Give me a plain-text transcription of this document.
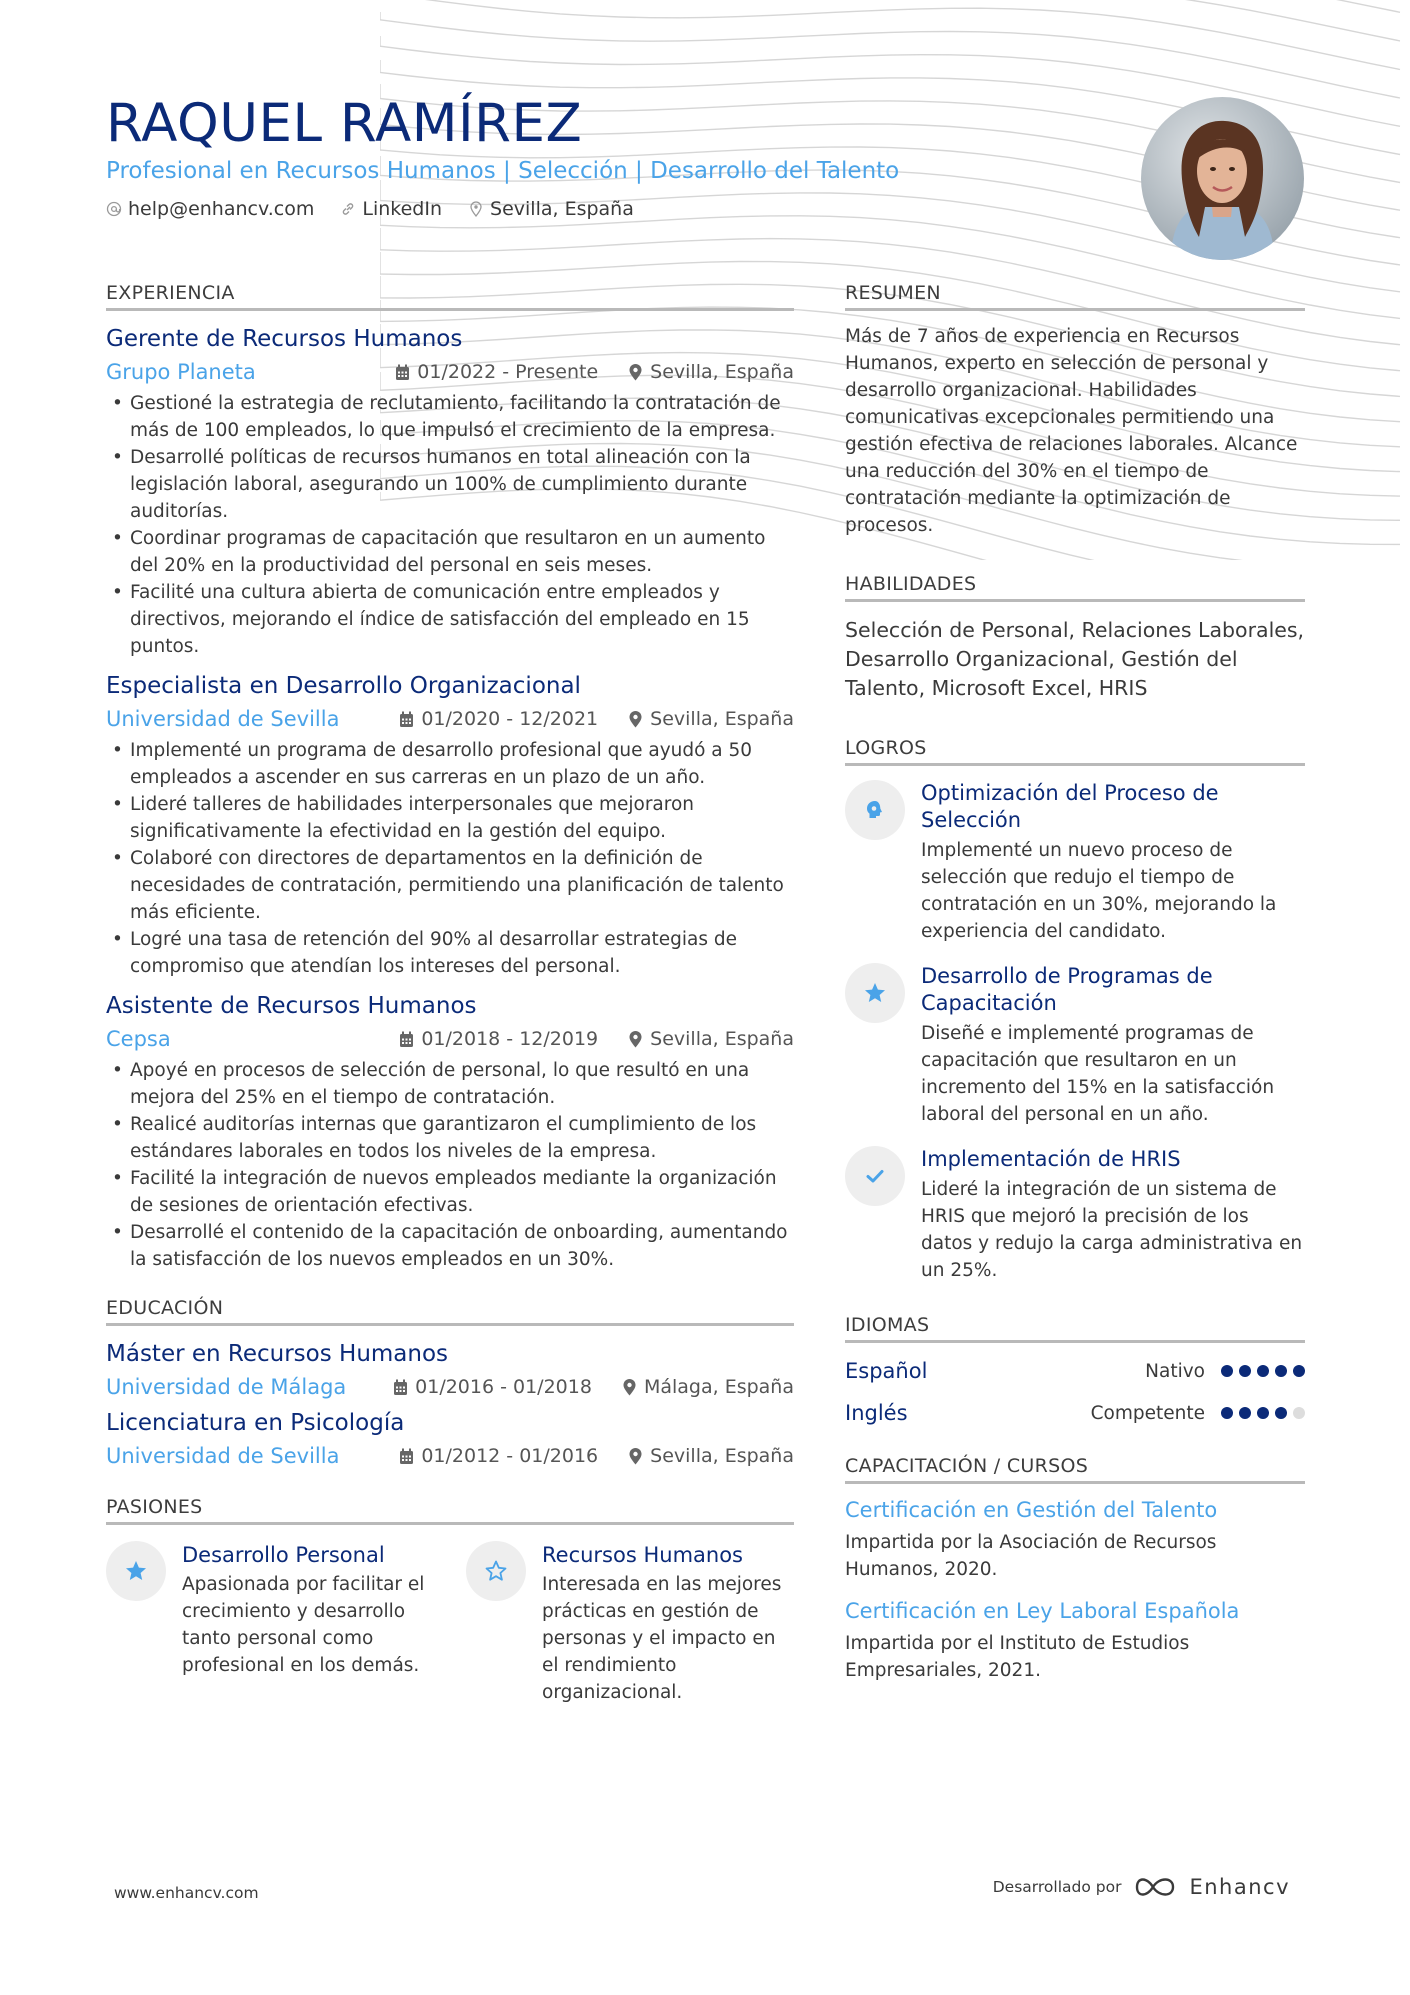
RAQUEL RAMÍREZ
Profesional en Recursos Humanos | Selección | Desarrollo del Talento
help@enhancv.com	LinkedIn	Sevilla, España
EXPERIENCIA
Gerente de Recursos Humanos
Grupo Planeta	01/2022 - Presente	Sevilla, España
• Gestioné la estrategia de reclutamiento, facilitando la contratación de más de 100 empleados, lo que impulsó el crecimiento de la empresa.
• Desarrollé políticas de recursos humanos en total alineación con la legislación laboral, asegurando un 100% de cumplimiento durante auditorías.
• Coordinar programas de capacitación que resultaron en un aumento del 20% en la productividad del personal en seis meses.
• Facilité una cultura abierta de comunicación entre empleados y directivos, mejorando el índice de satisfacción del empleado en 15 puntos.
Especialista en Desarrollo Organizacional
Universidad de Sevilla	01/2020 - 12/2021	Sevilla, España
• Implementé un programa de desarrollo profesional que ayudó a 50 empleados a ascender en sus carreras en un plazo de un año.
• Lideré talleres de habilidades interpersonales que mejoraron significativamente la efectividad en la gestión del equipo.
• Colaboré con directores de departamentos en la definición de necesidades de contratación, permitiendo una planificación de talento más eficiente.
• Logré una tasa de retención del 90% al desarrollar estrategias de compromiso que atendían los intereses del personal.
Asistente de Recursos Humanos
Cepsa	01/2018 - 12/2019	Sevilla, España
• Apoyé en procesos de selección de personal, lo que resultó en una mejora del 25% en el tiempo de contratación.
• Realicé auditorías internas que garantizaron el cumplimiento de los estándares laborales en todos los niveles de la empresa.
• Facilité la integración de nuevos empleados mediante la organización de sesiones de orientación efectivas.
• Desarrollé el contenido de la capacitación de onboarding, aumentando la satisfacción de los nuevos empleados en un 30%.
EDUCACIÓN
Máster en Recursos Humanos
Universidad de Málaga	01/2016 - 01/2018	Málaga, España
Licenciatura en Psicología
Universidad de Sevilla	01/2012 - 01/2016	Sevilla, España
PASIONES
Desarrollo Personal
Apasionada por facilitar el crecimiento y desarrollo tanto personal como profesional en los demás.
Recursos Humanos
Interesada en las mejores prácticas en gestión de personas y el impacto en el rendimiento organizacional.
RESUMEN
Más de 7 años de experiencia en Recursos Humanos, experto en selección de personal y desarrollo organizacional. Habilidades comunicativas excepcionales permitiendo una gestión efectiva de relaciones laborales. Alcance una reducción del 30% en el tiempo de contratación mediante la optimización de procesos.
HABILIDADES
Selección de Personal, Relaciones Laborales, Desarrollo Organizacional, Gestión del Talento, Microsoft Excel, HRIS
LOGROS
Optimización del Proceso de Selección
Implementé un nuevo proceso de selección que redujo el tiempo de contratación en un 30%, mejorando la experiencia del candidato.
Desarrollo de Programas de Capacitación
Diseñé e implementé programas de capacitación que resultaron en un incremento del 15% en la satisfacción laboral del personal en un año.
Implementación de HRIS
Lideré la integración de un sistema de HRIS que mejoró la precisión de los datos y redujo la carga administrativa en un 25%.
IDIOMAS
Español	Nativo
Inglés	Competente
CAPACITACIÓN / CURSOS
Certificación en Gestión del Talento
Impartida por la Asociación de Recursos Humanos, 2020.
Certificación en Ley Laboral Española
Impartida por el Instituto de Estudios Empresariales, 2021.
www.enhancv.com	Desarrollado por	Enhancv
